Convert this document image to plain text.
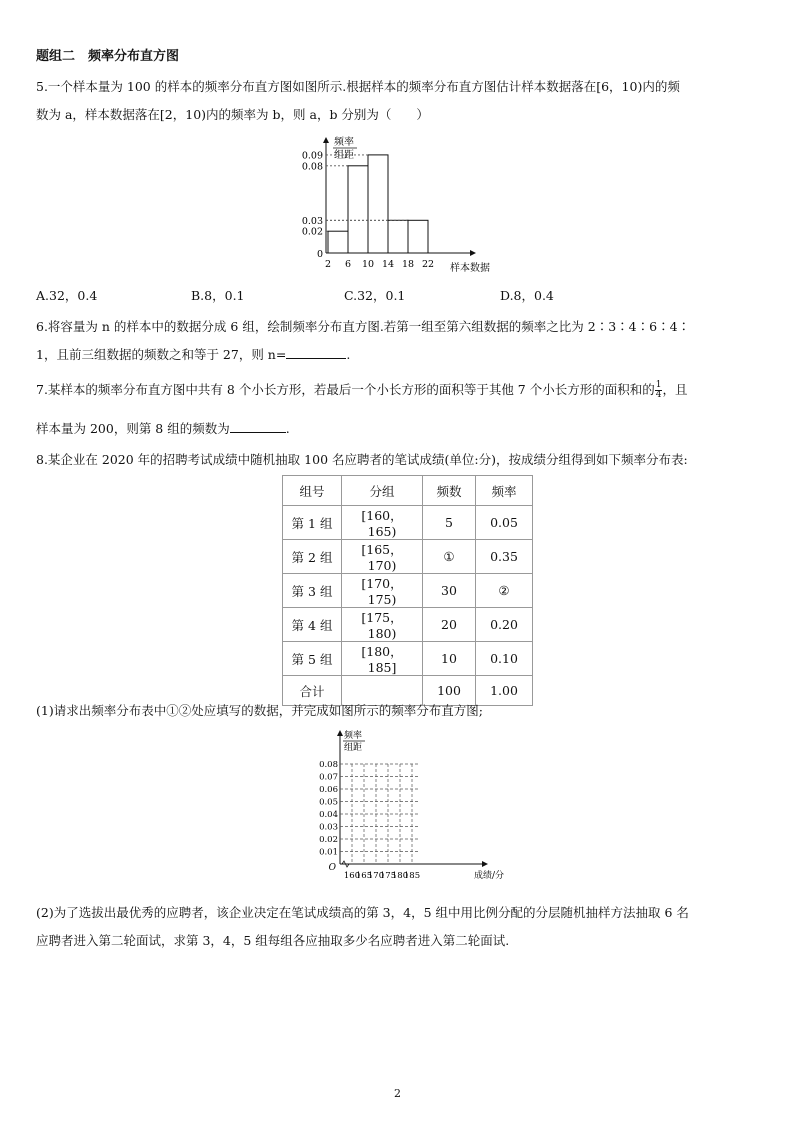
题组二　频率分布直方图
5.一个样本量为 100 的样本的频率分布直方图如图所示.根据样本的频率分布直方图估计样本数据落在[6，10)内的频
数为 a，样本数据落在[2，10)内的频率为 b，则 a，b 分别为（　　）
频率
组距
样本数据
0
0.02
0.03
0.08
0.09
2 6 10 14 18 22
A.32，0.4	B.8，0.1	C.32，0.1	D.8，0.4
6.将容量为 n 的样本中的数据分成 6 组，绘制频率分布直方图.若第一组至第六组数据的频率之比为 2∶3∶4∶6∶4∶
1，且前三组数据的频数之和等于 27，则 n=	.
7.某样本的频率分布直方图中共有 8 个小长方形，若最后一个小长方形的面积等于其他 7 个小长方形的面积和的 $\frac{1}{4}$ ，且
样本量为 200，则第 8 组的频数为	.
8.某企业在 2020 年的招聘考试成绩中随机抽取 100 名应聘者的笔试成绩(单位:分)，按成绩分组得到如下频率分布表:
组号	分组	频数	频率
第 1 组	[160，165)	5	0.05
第 2 组	[165，170)	①	0.35
第 3 组	[170，175)	30	②
第 4 组	[175，180)	20	0.20
第 5 组	[180，185]	10	0.10
合计		100	1.00
(1)请求出频率分布表中①②处应填写的数据，并完成如图所示的频率分布直方图;
频率
组距
O
成绩/分
0.01
0.02
0.03
0.04
0.05
0.06
0.07
0.08
160
165
170
175
180
185
(2)为了选拔出最优秀的应聘者，该企业决定在笔试成绩高的第 3，4，5 组中用比例分配的分层随机抽样方法抽取 6 名
应聘者进入第二轮面试，求第 3，4，5 组每组各应抽取多少名应聘者进入第二轮面试.
2
